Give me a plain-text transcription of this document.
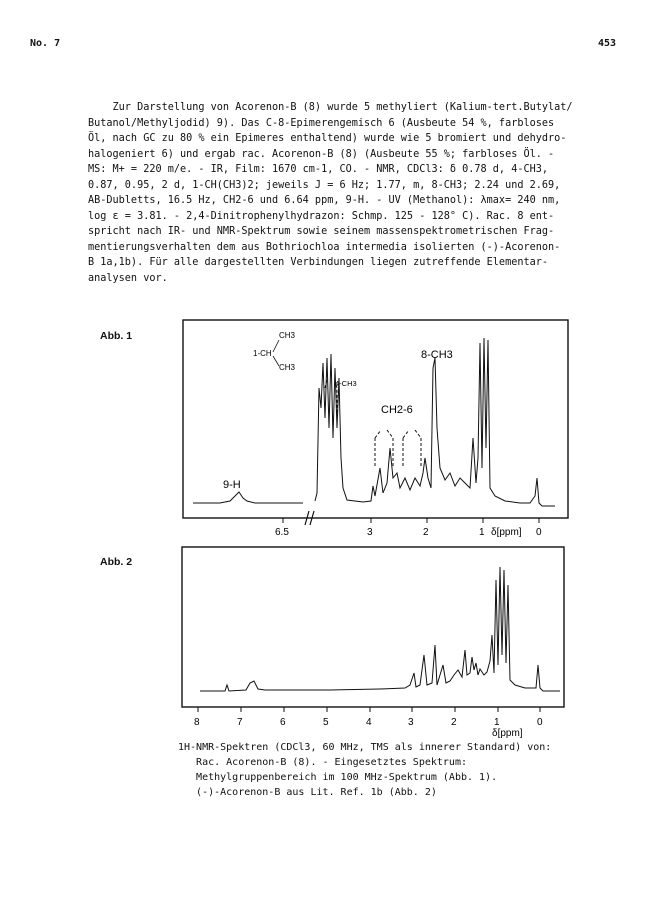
No. 7	453

Zur Darstellung von Acorenon-B (8) wurde 5 methyliert (Kalium-tert.Butylat/

Butanol/Methyljodid) 9). Das C-8-Epimerengemisch 6 (Ausbeute 54 %, farbloses

Öl, nach GC zu 80 % ein Epimeres enthaltend) wurde wie 5 bromiert und dehydro-

halogeniert 6) und ergab rac. Acorenon-B (8) (Ausbeute 55 %; farbloses Öl. -

MS: M+ = 220 m/e. - IR, Film: 1670 cm-1, CO. - NMR, CDCl3: δ 0.78 d, 4-CH3,

0.87, 0.95, 2 d, 1-CH(CH3)2; jeweils J = 6 Hz; 1.77, m, 8-CH3; 2.24 und 2.69,

AB-Dubletts, 16.5 Hz, CH2-6 und 6.64 ppm, 9-H. - UV (Methanol): λmax= 240 nm,

log ε = 3.81. - 2,4-Dinitrophenylhydrazon: Schmp. 125 - 128° C). Rac. 8 ent-

spricht nach IR- und NMR-Spektrum sowie seinem massenspektrometrischen Frag-

mentierungsverhalten dem aus Bothriochloa intermedia isolierten (-)-Acorenon-

B 1a,1b). Für alle dargestellten Verbindungen liegen zutreffende Elementar-

analysen vor.

Abb. 1
6.5	3	2	1 δ[ppm] 0
CH3
1-CH
CH3
4-CH3
8-CH3
CH2-6
9-H
Abb. 2
8	7	6	5	4	3	2	1	0
δ[ppm]

1H-NMR-Spektren (CDCl3, 60 MHz, TMS als innerer Standard) von:

Rac. Acorenon-B (8). - Eingesetztes Spektrum:

Methylgruppenbereich im 100 MHz-Spektrum (Abb. 1).

(-)-Acorenon-B aus Lit. Ref. 1b (Abb. 2)
